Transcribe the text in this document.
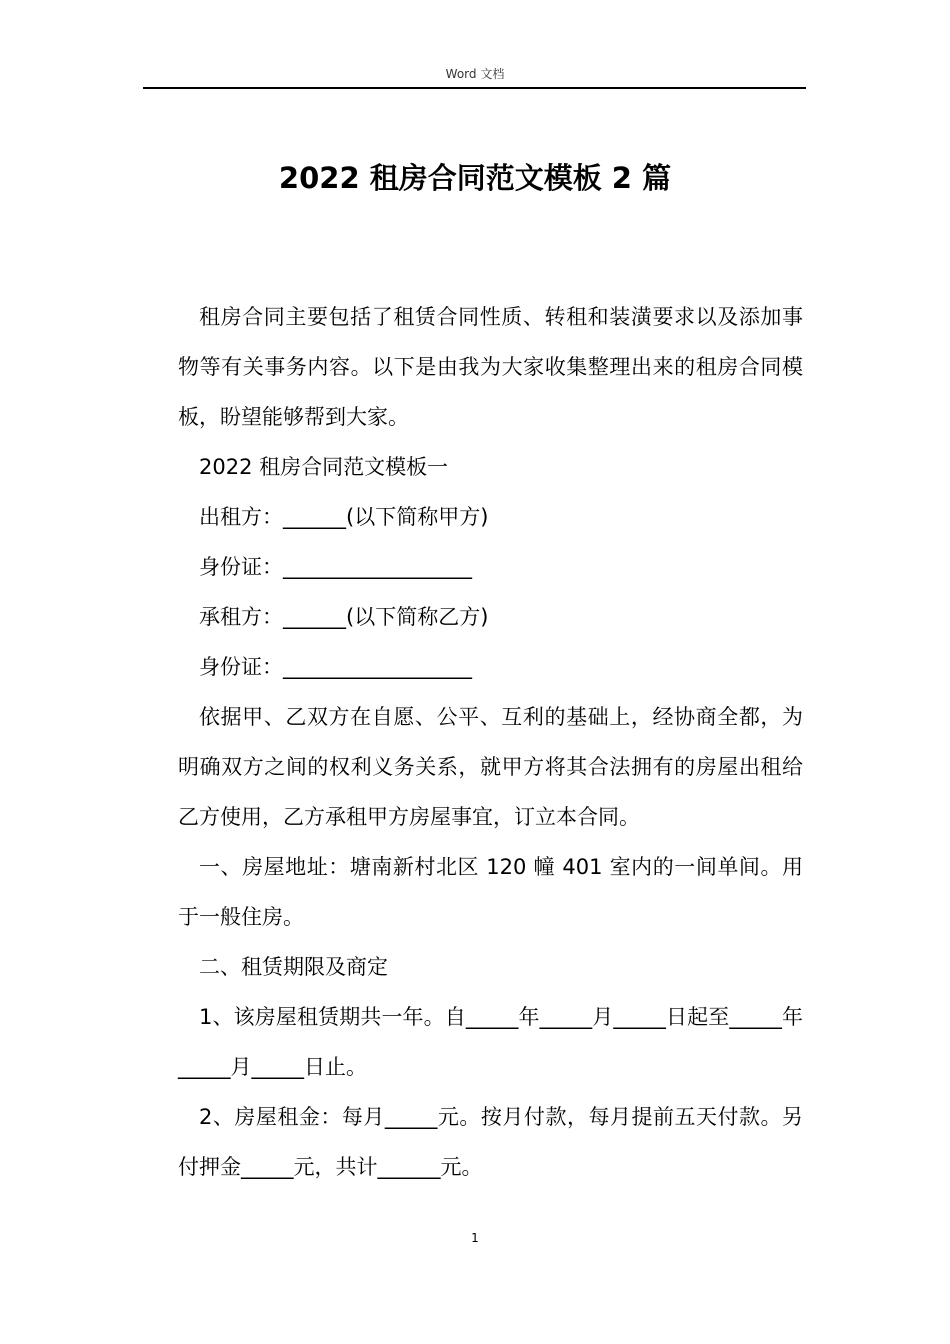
Word 文档
2022 租房合同范文模板 2 篇

租房合同主要包括了租赁合同性质、转租和装潢要求以及添加事物等有关事务内容。以下是由我为大家收集整理出来的租房合同模板，盼望能够帮到大家。

2022 租房合同范文模板一

出租方：______(以下简称甲方)

身份证：__________________

承租方：______(以下简称乙方)

身份证：__________________

依据甲、乙双方在自愿、公平、互利的基础上，经协商全都，为明确双方之间的权利义务关系，就甲方将其合法拥有的房屋出租给乙方使用，乙方承租甲方房屋事宜，订立本合同。

一、房屋地址：塘南新村北区 120 幢 401 室内的一间单间。用于一般住房。

二、租赁期限及商定

1、该房屋租赁期共一年。自_____年_____月_____日起至_____年_____月_____日止。

2、房屋租金：每月_____元。按月付款，每月提前五天付款。另付押金_____元，共计______元。

1
